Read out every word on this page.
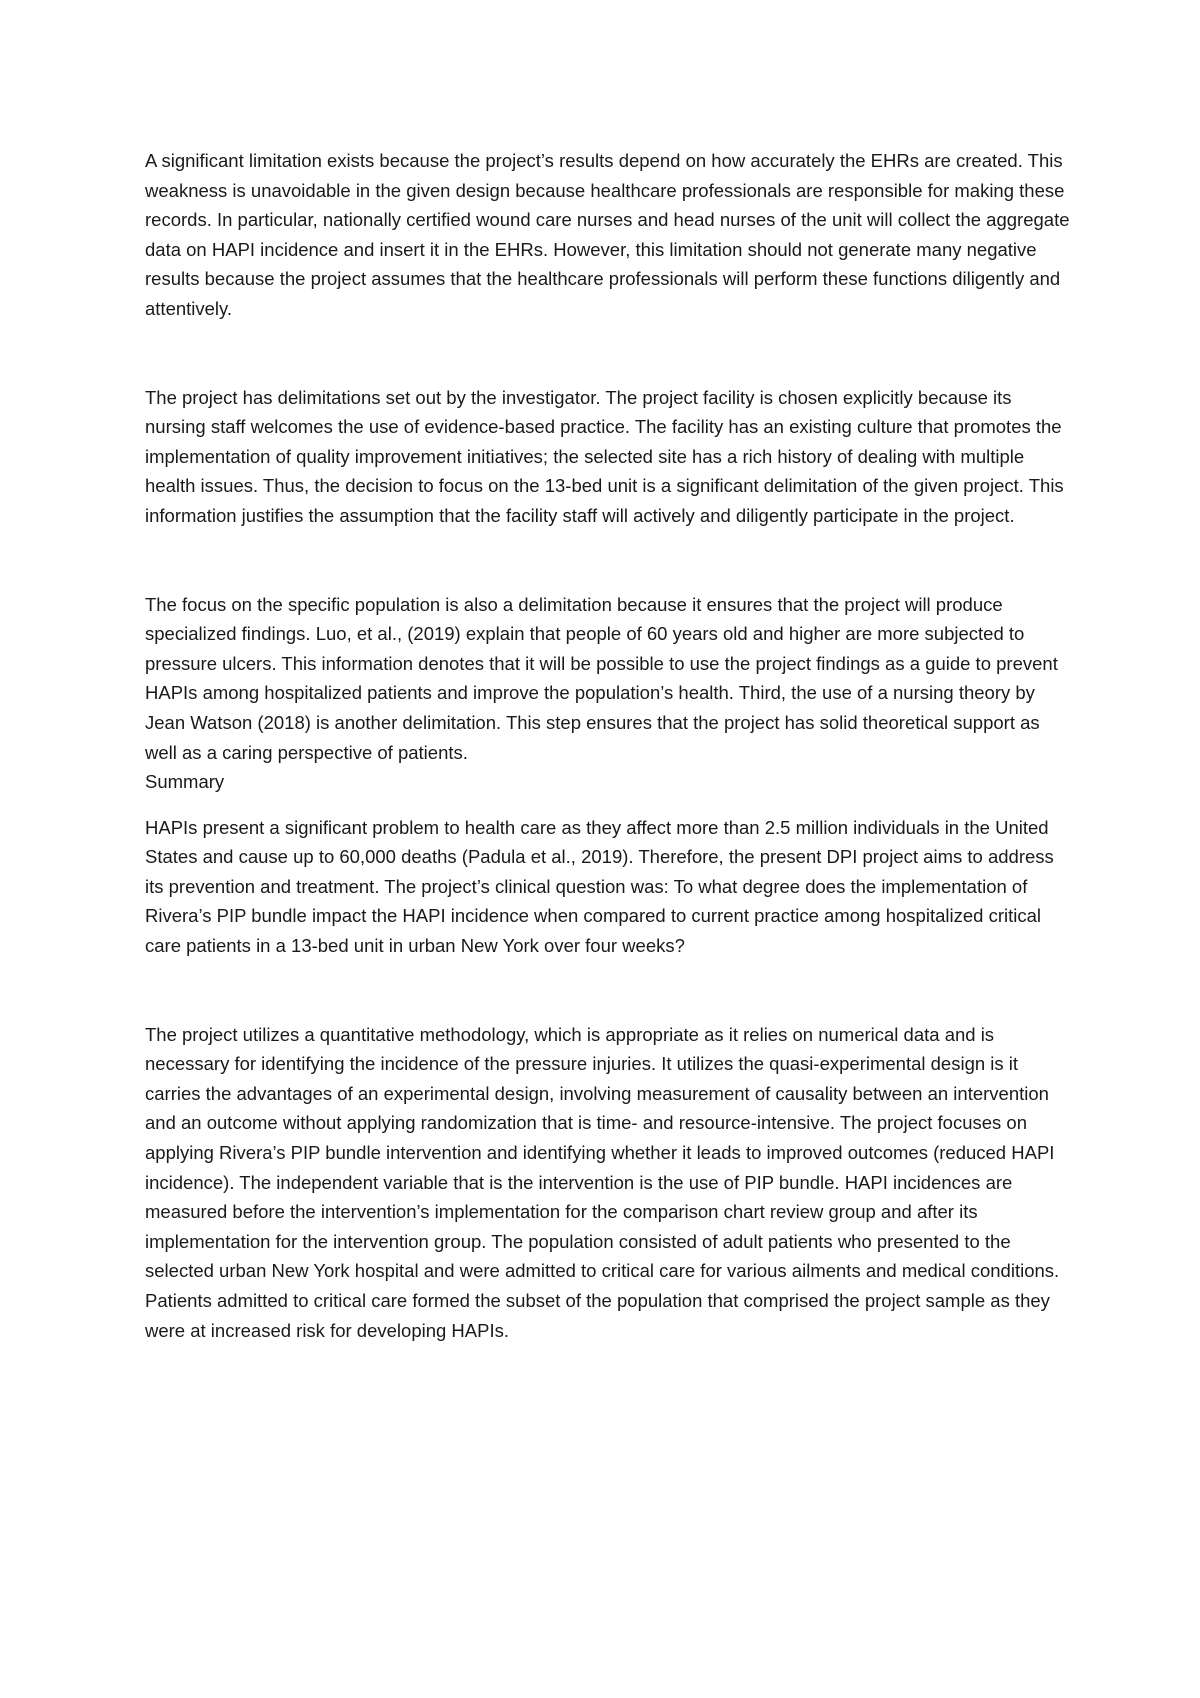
A significant limitation exists because the project’s results depend on how accurately the EHRs are created. This weakness is unavoidable in the given design because healthcare professionals are responsible for making these records. In particular, nationally certified wound care nurses and head nurses of the unit will collect the aggregate data on HAPI incidence and insert it in the EHRs. However, this limitation should not generate many negative results because the project assumes that the healthcare professionals will perform these functions diligently and attentively.

The project has delimitations set out by the investigator. The project facility is chosen explicitly because its nursing staff welcomes the use of evidence-based practice. The facility has an existing culture that promotes the implementation of quality improvement initiatives; the selected site has a rich history of dealing with multiple health issues. Thus, the decision to focus on the 13-bed unit is a significant delimitation of the given project. This information justifies the assumption that the facility staff will actively and diligently participate in the project.

The focus on the specific population is also a delimitation because it ensures that the project will produce specialized findings. Luo, et al., (2019) explain that people of 60 years old and higher are more subjected to pressure ulcers. This information denotes that it will be possible to use the project findings as a guide to prevent HAPIs among hospitalized patients and improve the population’s health. Third, the use of a nursing theory by Jean Watson (2018) is another delimitation. This step ensures that the project has solid theoretical support as well as a caring perspective of patients.

Summary

HAPIs present a significant problem to health care as they affect more than 2.5 million individuals in the United States and cause up to 60,000 deaths (Padula et al., 2019). Therefore, the present DPI project aims to address its prevention and treatment. The project’s clinical question was: To what degree does the implementation of Rivera’s PIP bundle impact the HAPI incidence when compared to current practice among hospitalized critical care patients in a 13-bed unit in urban New York over four weeks?

The project utilizes a quantitative methodology, which is appropriate as it relies on numerical data and is necessary for identifying the incidence of the pressure injuries. It utilizes the quasi-experimental design is it carries the advantages of an experimental design, involving measurement of causality between an intervention and an outcome without applying randomization that is time- and resource-intensive. The project focuses on applying Rivera’s PIP bundle intervention and identifying whether it leads to improved outcomes (reduced HAPI incidence). The independent variable that is the intervention is the use of PIP bundle. HAPI incidences are measured before the intervention’s implementation for the comparison chart review group and after its implementation for the intervention group. The population consisted of adult patients who presented to the selected urban New York hospital and were admitted to critical care for various ailments and medical conditions. Patients admitted to critical care formed the subset of the population that comprised the project sample as they were at increased risk for developing HAPIs.
